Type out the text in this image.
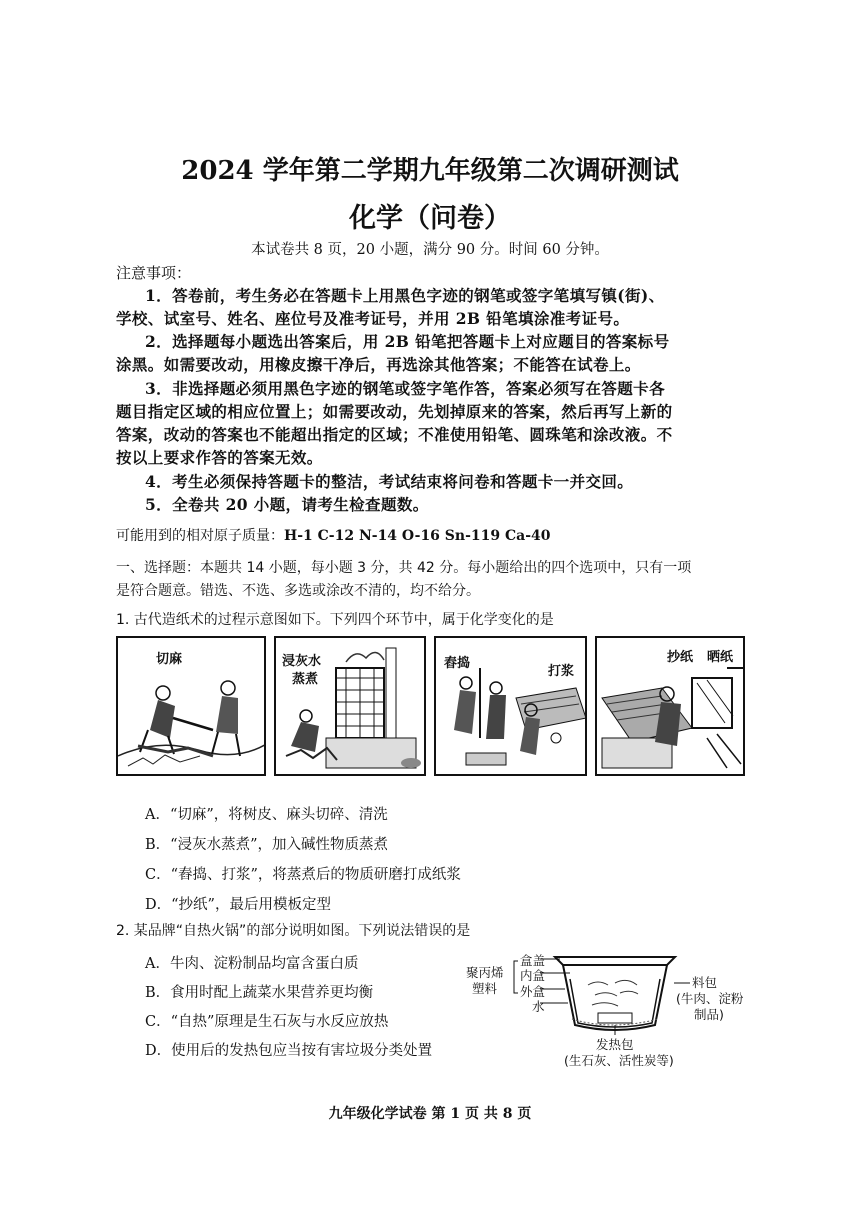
2024 学年第二学期九年级第二次调研测试
化学（问卷）
本试卷共 8 页，20 小题，满分 90 分。时间 60 分钟。
注意事项：
1．答卷前，考生务必在答题卡上用黑色字迹的钢笔或签字笔填写镇(街)、
学校、试室号、姓名、座位号及准考证号，并用 2B 铅笔填涂准考证号。
2．选择题每小题选出答案后，用 2B 铅笔把答题卡上对应题目的答案标号
涂黑。如需要改动，用橡皮擦干净后，再选涂其他答案；不能答在试卷上。
3．非选择题必须用黑色字迹的钢笔或签字笔作答，答案必须写在答题卡各
题目指定区域的相应位置上；如需要改动，先划掉原来的答案，然后再写上新的
答案，改动的答案也不能超出指定的区域；不准使用铅笔、圆珠笔和涂改液。不
按以上要求作答的答案无效。
4．考生必须保持答题卡的整洁，考试结束将问卷和答题卡一并交回。
5．全卷共 20 小题，请考生检查题数。
可能用到的相对原子质量：H-1 C-12 N-14 O-16 Sn-119 Ca-40
一、选择题：本题共 14 小题，每小题 3 分，共 42 分。每小题给出的四个选项中，只有一项
是符合题意。错选、不选、多选或涂改不清的，均不给分。
1. 古代造纸术的过程示意图如下。下列四个环节中，属于化学变化的是
切麻	浸灰水
蒸煮
舂捣
打浆
抄纸 晒纸
A．“切麻”，将树皮、麻头切碎、清洗
B．“浸灰水蒸煮”，加入碱性物质蒸煮
C．“舂捣、打浆”，将蒸煮后的物质研磨打成纸浆
D．“抄纸”，最后用模板定型
2. 某品牌“自热火锅”的部分说明如图。下列说法错误的是
A．牛肉、淀粉制品均富含蛋白质
B．食用时配上蔬菜水果营养更均衡
C．“自热”原理是生石灰与水反应放热
D．使用后的发热包应当按有害垃圾分类处置
聚丙烯
塑料
盒盖
内盒
外盒
水
料包
(牛肉、淀粉
制品)
发热包
(生石灰、活性炭等)
九年级化学试卷 第 1 页 共 8 页
